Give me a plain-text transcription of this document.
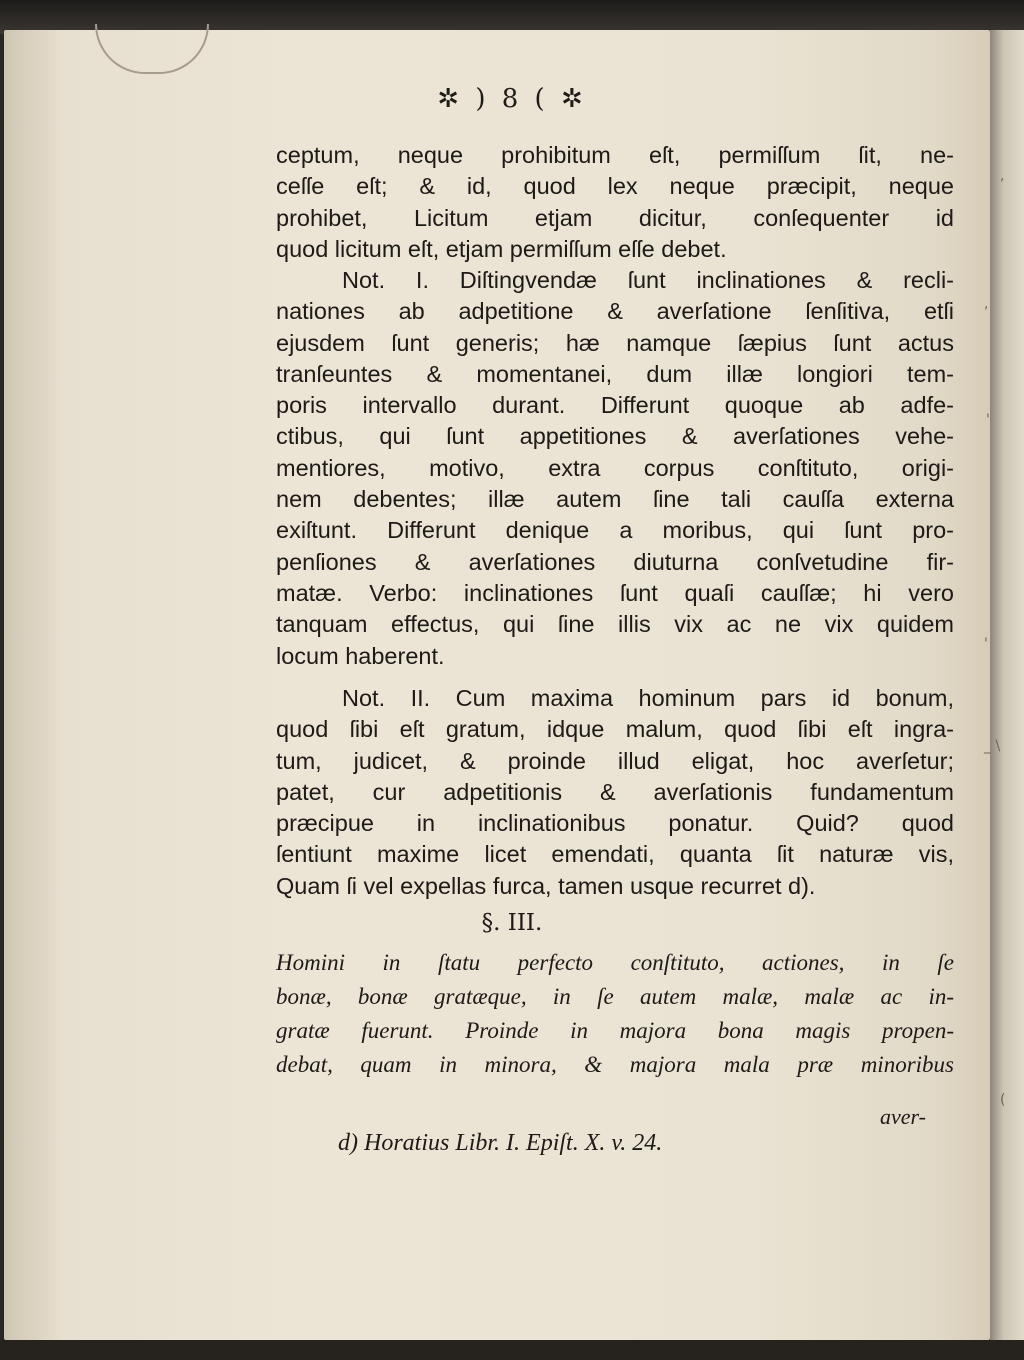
,
,
'
'
_ \
(
✲ ) 8 ( ✲
ceptum, neque prohibitum eſt, permiſſum ſit, ne-
ceſſe eſt; & id, quod lex neque præcipit, neque
prohibet, Licitum etjam dicitur, conſequenter id
quod licitum eſt, etjam permiſſum eſſe debet.
Not. I. Diſtingvendæ ſunt inclinationes & recli-
nationes ab adpetitione & averſatione ſenſitiva, etſi
ejusdem ſunt generis; hæ namque ſæpius ſunt actus
tranſeuntes & momentanei, dum illæ longiori tem-
poris intervallo durant. Differunt quoque ab adfe-
ctibus, qui ſunt appetitiones & averſationes vehe-
mentiores, motivo, extra corpus conſtituto, origi-
nem debentes; illæ autem ſine tali cauſſa externa
exiſtunt. Differunt denique a moribus, qui ſunt pro-
penſiones & averſationes diuturna conſvetudine fir-
matæ. Verbo: inclinationes ſunt quaſi cauſſæ; hi vero
tanquam effectus, qui ſine illis vix ac ne vix quidem
locum haberent.
Not. II. Cum maxima hominum pars id bonum,
quod ſibi eſt gratum, idque malum, quod ſibi eſt ingra-
tum, judicet, & proinde illud eligat, hoc averſetur;
patet, cur adpetitionis & averſationis fundamentum
præcipue in inclinationibus ponatur. Quid? quod
ſentiunt maxime licet emendati, quanta ſit naturæ vis,
Quam ſi vel expellas furca, tamen usque recurret d).
§. III.
Homini in ſtatu perfecto conſtituto, actiones, in ſe
bonæ, bonæ gratæque, in ſe autem malæ, malæ ac in-
gratæ fuerunt. Proinde in majora bona magis propen-
debat, quam in minora, & majora mala præ minoribus
aver-
d) Horatius Libr. I. Epiſt. X. v. 24.
